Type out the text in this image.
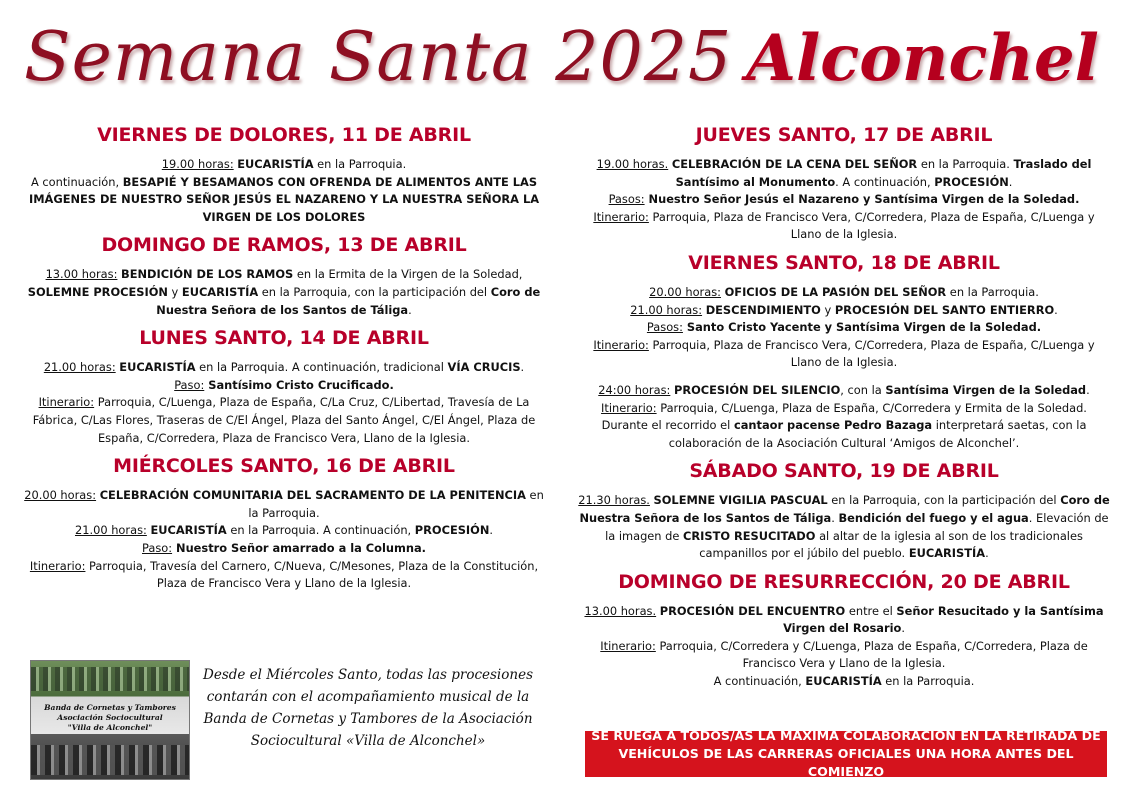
Semana Santa 2025 Alconchel
VIERNES DE DOLORES, 11 DE ABRIL

19.00 horas: EUCARISTÍA en la Parroquia.
A continuación, BESAPIÉ Y BESAMANOS CON OFRENDA DE ALIMENTOS ANTE LAS IMÁGENES DE NUESTRO SEÑOR JESÚS EL NAZARENO Y LA NUESTRA SEÑORA LA VIRGEN DE LOS DOLORES

DOMINGO DE RAMOS, 13 DE ABRIL

13.00 horas: BENDICIÓN DE LOS RAMOS en la Ermita de la Virgen de la Soledad, SOLEMNE PROCESIÓN y EUCARISTÍA en la Parroquia, con la participación del Coro de Nuestra Señora de los Santos de Táliga.

LUNES SANTO, 14 DE ABRIL

21.00 horas: EUCARISTÍA en la Parroquia. A continuación, tradicional VÍA CRUCIS.
Paso: Santísimo Cristo Crucificado.
Itinerario: Parroquia, C/Luenga, Plaza de España, C/La Cruz, C/Libertad, Travesía de La Fábrica, C/Las Flores, Traseras de C/El Ángel, Plaza del Santo Ángel, C/El Ángel, Plaza de España, C/Corredera, Plaza de Francisco Vera, Llano de la Iglesia.

MIÉRCOLES SANTO, 16 DE ABRIL

20.00 horas: CELEBRACIÓN COMUNITARIA DEL SACRAMENTO DE LA PENITENCIA en la Parroquia.
21.00 horas: EUCARISTÍA en la Parroquia. A continuación, PROCESIÓN.
Paso: Nuestro Señor amarrado a la Columna.
Itinerario: Parroquia, Travesía del Carnero, C/Nueva, C/Mesones, Plaza de la Constitución, Plaza de Francisco Vera y Llano de la Iglesia.

JUEVES SANTO, 17 DE ABRIL

19.00 horas. CELEBRACIÓN DE LA CENA DEL SEÑOR en la Parroquia. Traslado del Santísimo al Monumento. A continuación, PROCESIÓN.
Pasos: Nuestro Señor Jesús el Nazareno y Santísima Virgen de la Soledad.
Itinerario: Parroquia, Plaza de Francisco Vera, C/Corredera, Plaza de España, C/Luenga y Llano de la Iglesia.

VIERNES SANTO, 18 DE ABRIL

20.00 horas: OFICIOS DE LA PASIÓN DEL SEÑOR en la Parroquia.
21.00 horas: DESCENDIMIENTO y PROCESIÓN DEL SANTO ENTIERRO.
Pasos: Santo Cristo Yacente y Santísima Virgen de la Soledad.
Itinerario: Parroquia, Plaza de Francisco Vera, C/Corredera, Plaza de España, C/Luenga y Llano de la Iglesia.

24:00 horas: PROCESIÓN DEL SILENCIO, con la Santísima Virgen de la Soledad.
Itinerario: Parroquia, C/Luenga, Plaza de España, C/Corredera y Ermita de la Soledad. Durante el recorrido el cantaor pacense Pedro Bazaga interpretará saetas, con la colaboración de la Asociación Cultural ‘Amigos de Alconchel’.

SÁBADO SANTO, 19 DE ABRIL

21.30 horas. SOLEMNE VIGILIA PASCUAL en la Parroquia, con la participación del Coro de Nuestra Señora de los Santos de Táliga. Bendición del fuego y el agua. Elevación de la imagen de CRISTO RESUCITADO al altar de la iglesia al son de los tradicionales campanillos por el júbilo del pueblo. EUCARISTÍA.

DOMINGO DE RESURRECCIÓN, 20 DE ABRIL

13.00 horas. PROCESIÓN DEL ENCUENTRO entre el Señor Resucitado y la Santísima Virgen del Rosario.
Itinerario: Parroquia, C/Corredera y C/Luenga, Plaza de España, C/Corredera, Plaza de Francisco Vera y Llano de la Iglesia.
A continuación, EUCARISTÍA en la Parroquia.

Banda de Cornetas y Tambores
Asociación Sociocultural
"Villa de Alconchel"
Desde el Miércoles Santo, todas las procesiones contarán con el acompañamiento musical de la Banda de Cornetas y Tambores de la Asociación Sociocultural «Villa de Alconchel»	SE RUEGA A TODOS/AS LA MÁXIMA COLABORACIÓN EN LA RETIRADA DE VEHÍCULOS DE LAS CARRERAS OFICIALES UNA HORA ANTES DEL COMIENZO
